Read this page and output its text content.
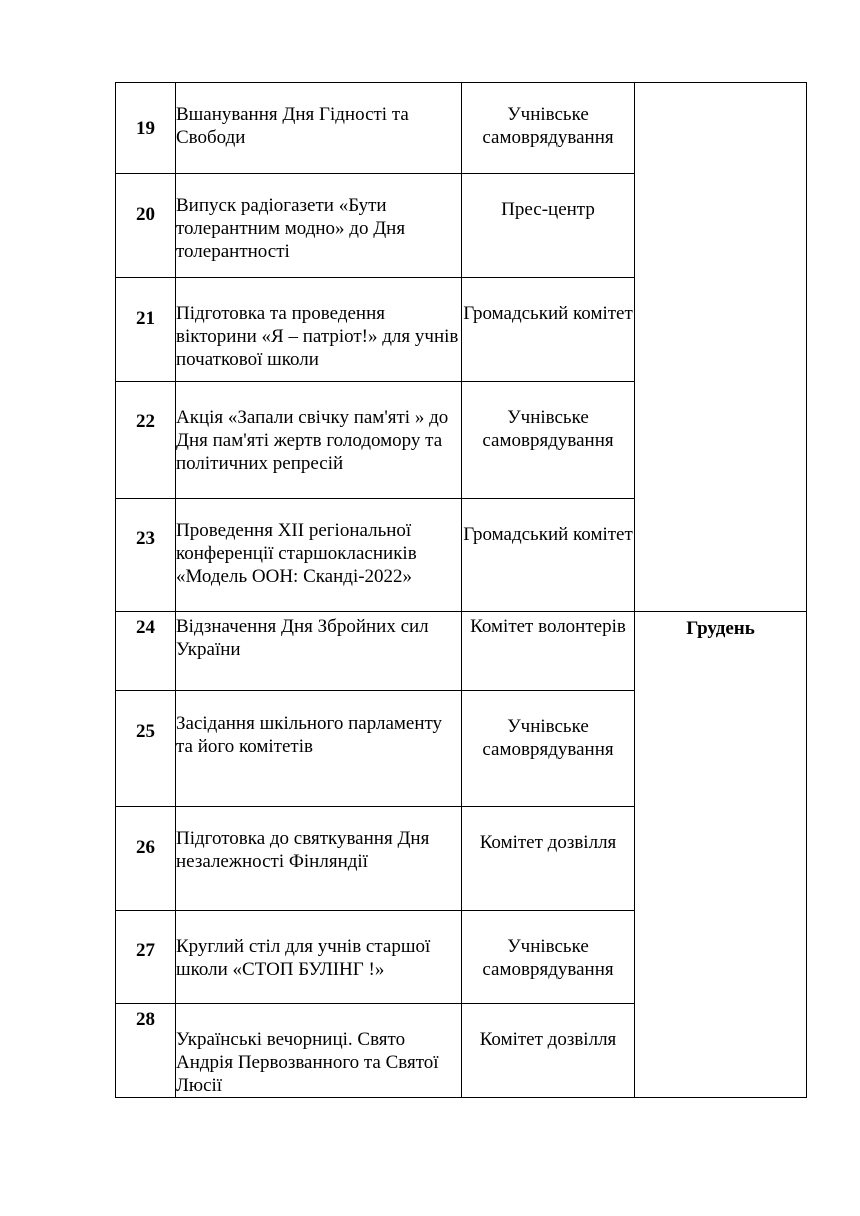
19	Вшанування Дня Гідності та Свободи	Учнівське самоврядування	
20	Випуск радіогазети «Бути толерантним модно» до Дня толерантності	Прес-центр	
21	Підготовка та проведення вікторини «Я – патріот!» для учнів початкової школи	Громадський комітет	
22	Акція «Запали свічку пам'яті » до Дня пам'яті жертв голодомору та політичних репресій	Учнівське самоврядування	
23	Проведення XII регіональної конференції старшокласників «Модель ООН: Сканді-2022»	Громадський комітет	
24	Відзначення Дня Збройних сил України	Комітет волонтерів	Грудень
25	Засідання шкільного парламенту та його комітетів	Учнівське самоврядування	
26	Підготовка до святкування Дня незалежності Фінляндії	Комітет дозвілля	
27	Круглий стіл для учнів старшої школи «СТОП БУЛІНГ !»	Учнівське самоврядування	
28	Українські вечорниці. Свято Андрія Первозванного та Святої Люсії	Комітет дозвілля	
